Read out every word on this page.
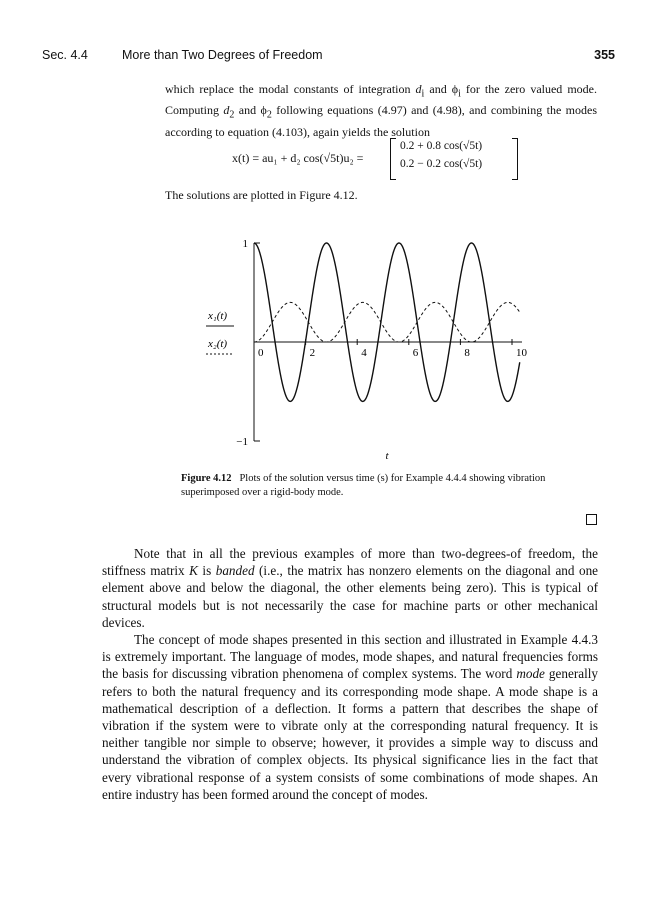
Sec. 4.4	More than Two Degrees of Freedom	355
which replace the modal constants of integration $d_i$ and $\phi_i$ for the zero valued mode. Computing $d_2$ and $\phi_2$ following equations (4.97) and (4.98), and combining the modes according to equation (4.103), again yields the solution
x(t) = au₁ + d₂ cos(√5t)u₂ =
0.2 + 0.8 cos(√5t)
0.2 − 0.2 cos(√5t)
The solutions are plotted in Figure 4.12.
0	2	4	6	8	10
1
−1
t
x₁(t)
x₂(t)
Figure 4.12 Plots of the solution versus time (s) for Example 4.4.4 showing vibration superimposed over a rigid-body mode.

Note that in all the previous examples of more than two-degrees-of freedom, the stiffness matrix K is banded (i.e., the matrix has nonzero elements on the diagonal and one element above and below the diagonal, the other elements being zero). This is typical of structural models but is not necessarily the case for machine parts or other mechanical devices.

The concept of mode shapes presented in this section and illustrated in Example 4.4.3 is extremely important. The language of modes, mode shapes, and natural frequencies forms the basis for discussing vibration phenomena of complex systems. The word mode generally refers to both the natural frequency and its corresponding mode shape. A mode shape is a mathematical description of a deflection. It forms a pattern that describes the shape of vibration if the system were to vibrate only at the corresponding natural frequency. It is neither tangible nor simple to observe; however, it provides a simple way to discuss and understand the vibration of complex objects. Its physical significance lies in the fact that every vibrational response of a system consists of some combinations of mode shapes. An entire industry has been formed around the concept of modes.
